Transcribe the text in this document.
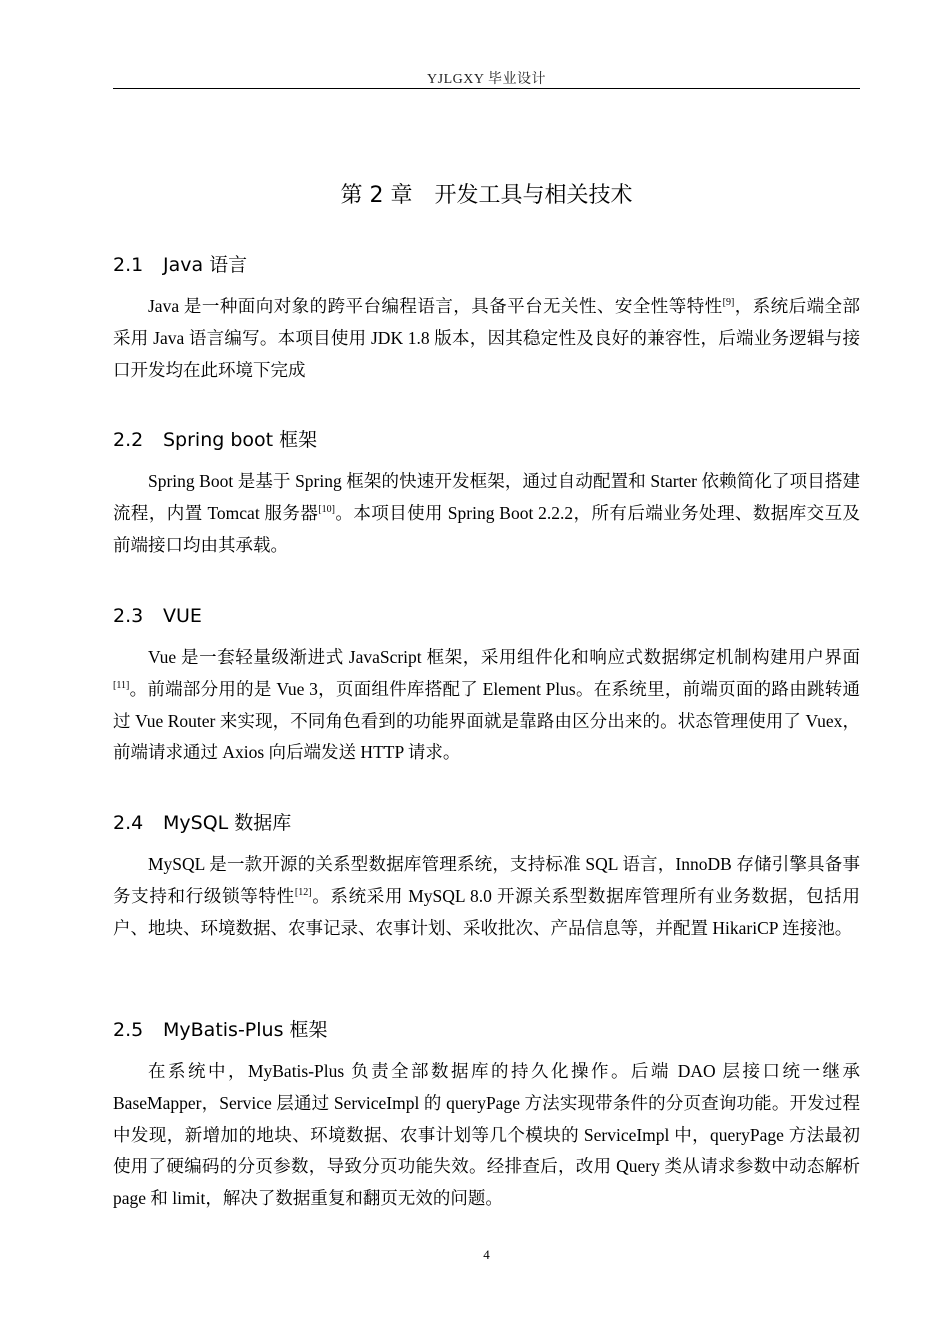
YJLGXY 毕业设计
第 2 章　开发工具与相关技术
2.1 Java 语言
Java 是一种面向对象的跨平台编程语言，具备平台无关性、安全性等特性[9]，系统后端全部采用 Java 语言编写。本项目使用 JDK 1.8 版本，因其稳定性及良好的兼容性，后端业务逻辑与接口开发均在此环境下完成
2.2 Spring boot 框架
Spring Boot 是基于 Spring 框架的快速开发框架，通过自动配置和 Starter 依赖简化了项目搭建流程，内置 Tomcat 服务器[10]。本项目使用 Spring Boot 2.2.2，所有后端业务处理、数据库交互及前端接口均由其承载。
2.3 VUE
Vue 是一套轻量级渐进式 JavaScript 框架，采用组件化和响应式数据绑定机制构建用户界面[11]。前端部分用的是 Vue 3，页面组件库搭配了 Element Plus。在系统里，前端页面的路由跳转通过 Vue Router 来实现，不同角色看到的功能界面就是靠路由区分出来的。状态管理使用了 Vuex，前端请求通过 Axios 向后端发送 HTTP 请求。
2.4 MySQL 数据库
MySQL 是一款开源的关系型数据库管理系统，支持标准 SQL 语言，InnoDB 存储引擎具备事务支持和行级锁等特性[12]。系统采用 MySQL 8.0 开源关系型数据库管理所有业务数据，包括用户、地块、环境数据、农事记录、农事计划、采收批次、产品信息等，并配置 HikariCP 连接池。
2.5 MyBatis-Plus 框架
在系统中，MyBatis-Plus 负责全部数据库的持久化操作。后端 DAO 层接口统一继承 BaseMapper，Service 层通过 ServiceImpl 的 queryPage 方法实现带条件的分页查询功能。开发过程中发现，新增加的地块、环境数据、农事计划等几个模块的 ServiceImpl 中，queryPage 方法最初使用了硬编码的分页参数，导致分页功能失效。经排查后，改用 Query 类从请求参数中动态解析 page 和 limit，解决了数据重复和翻页无效的问题。
4
